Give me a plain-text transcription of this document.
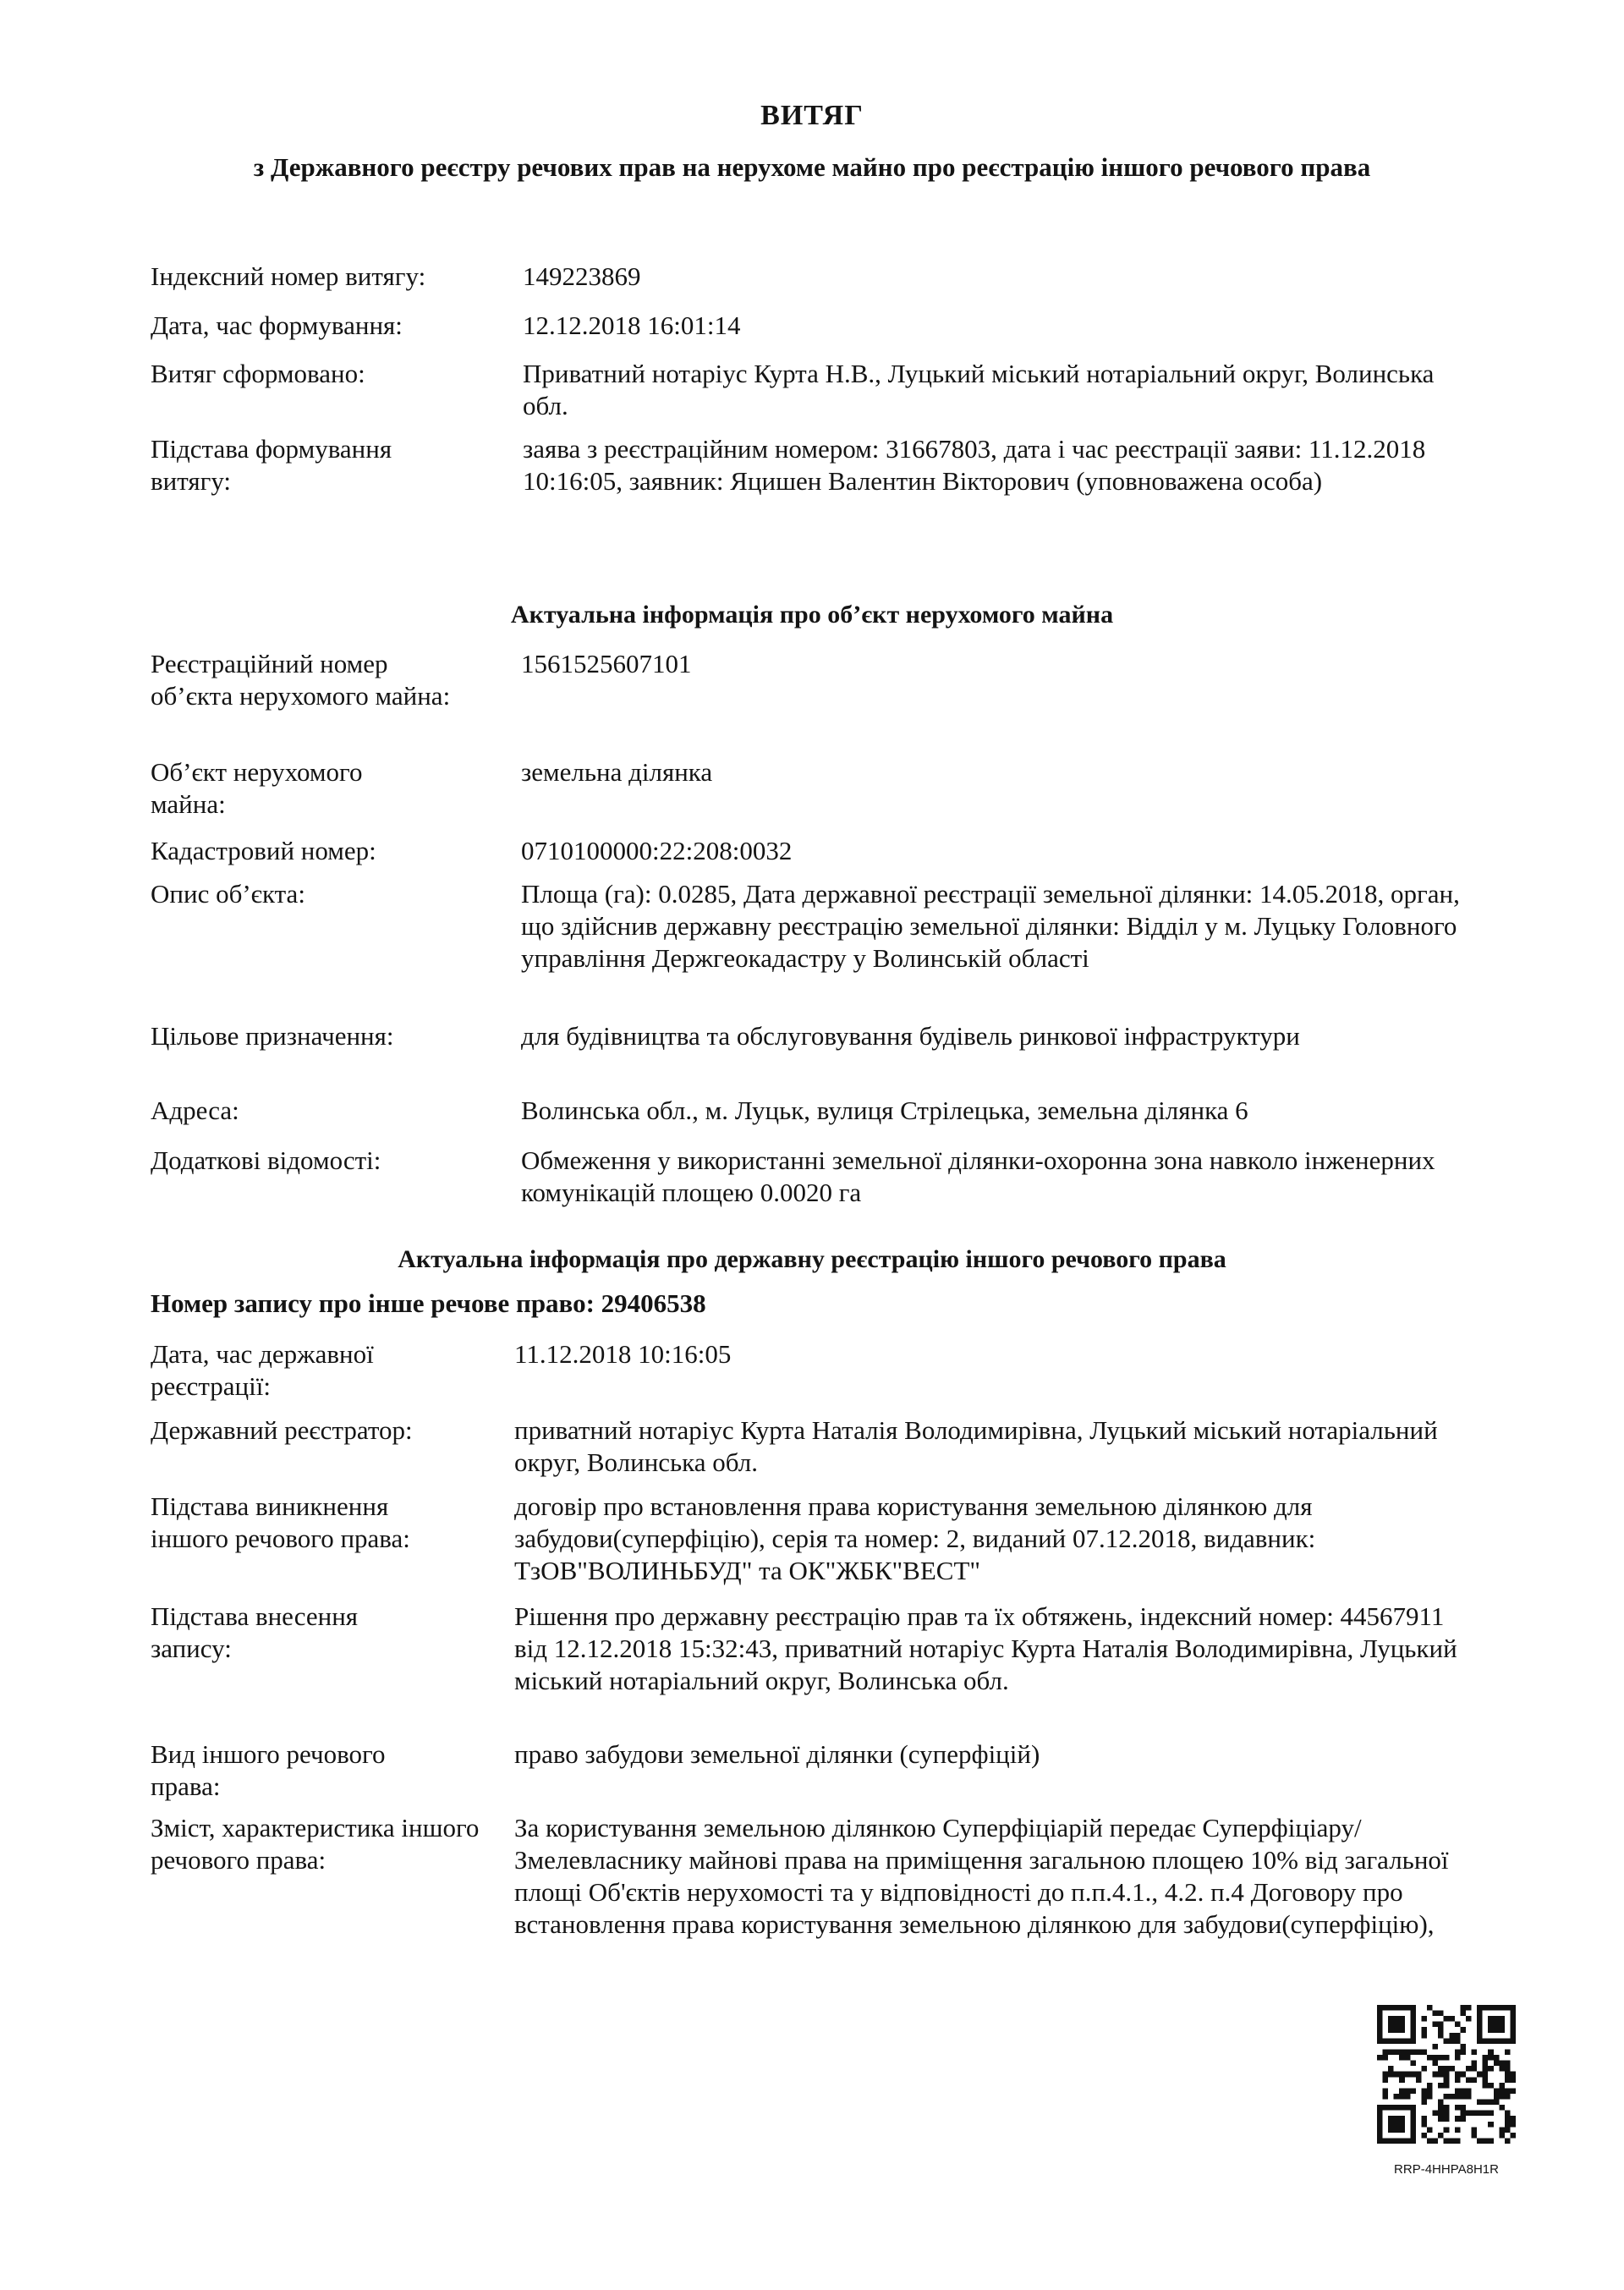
ВИТЯГ
з Державного реєстру речових прав на нерухоме майно про реєстрацію іншого речового права
Індексний номер витягу:	149223869
Дата, час формування:	12.12.2018 16:01:14
Витяг сформовано:	Приватний нотаріус Курта Н.В., Луцький міський нотаріальний округ, Волинська обл.
Підстава формування витягу:
заява з реєстраційним номером: 31667803, дата і час реєстрації заяви: 11.12.2018 10:16:05, заявник: Яцишен Валентин Вікторович (уповноважена особа)
Актуальна інформація про об’єкт нерухомого майна
Реєстраційний номер об’єкта нерухомого майна:
1561525607101
Об’єкт нерухомого майна:
земельна ділянка
Кадастровий номер:	0710100000:22:208:0032
Опис об’єкта:	Площа (га): 0.0285, Дата державної реєстрації земельної ділянки: 14.05.2018, орган, що здійснив державну реєстрацію земельної ділянки: Відділ у м. Луцьку Головного управління Держгеокадастру у Волинській області
Цільове призначення:	для будівництва та обслуговування будівель ринкової інфраструктури
Адреса:	Волинська обл., м. Луцьк, вулиця Стрілецька, земельна ділянка 6
Додаткові відомості:	Обмеження у використанні земельної ділянки-охоронна зона навколо інженерних комунікацій площею 0.0020 га
Актуальна інформація про державну реєстрацію іншого речового права
Номер запису про інше речове право: 29406538
Дата, час державної реєстрації:
11.12.2018 10:16:05
Державний реєстратор:	приватний нотаріус Курта Наталія Володимирівна, Луцький міський нотаріальний округ, Волинська обл.
Підстава виникнення іншого речового права:
договір про встановлення права користування земельною ділянкою для забудови(суперфіцію), серія та номер: 2, виданий 07.12.2018, видавник: ТзОВ"ВОЛИНЬБУД" та ОК"ЖБК"ВЕСТ"
Підстава внесення запису:
Рішення про державну реєстрацію прав та їх обтяжень, індексний номер: 44567911 від 12.12.2018 15:32:43, приватний нотаріус Курта Наталія Володимирівна, Луцький міський нотаріальний округ, Волинська обл.
Вид іншого речового права:
право забудови земельної ділянки (суперфіцій)
Зміст, характеристика іншого речового права:
За користування земельною ділянкою Суперфіціарій передає Суперфіціару/Змелевласнику майнові права на приміщення загальною площею 10% від загальної площі Об'єктів нерухомості та у відповідності до п.п.4.1., 4.2. п.4 Договору про встановлення права користування земельною ділянкою для забудови(суперфіцію),
RRP-4HHPA8H1R
